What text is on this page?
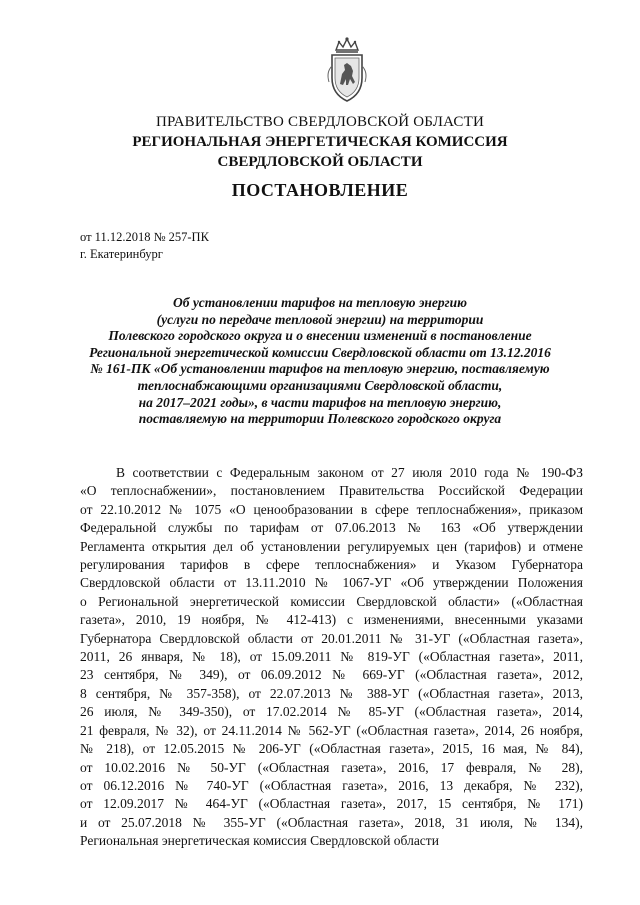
ПРАВИТЕЛЬСТВО СВЕРДЛОВСКОЙ ОБЛАСТИ
РЕГИОНАЛЬНАЯ ЭНЕРГЕТИЧЕСКАЯ КОМИССИЯ
СВЕРДЛОВСКОЙ ОБЛАСТИ
ПОСТАНОВЛЕНИЕ
от 11.12.2018 № 257-ПК
г. Екатеринбург
Об установлении тарифов на тепловую энергию
(услуги по передаче тепловой энергии) на территории
Полевского городского округа и о внесении изменений в постановление
Региональной энергетической комиссии Свердловской области от 13.12.2016
№ 161-ПК «Об установлении тарифов на тепловую энергию, поставляемую
теплоснабжающими организациями Свердловской области,
на 2017–2021 годы», в части тарифов на тепловую энергию,
поставляемую на территории Полевского городского округа
В соответствии с Федеральным законом от 27 июля 2010 года № 190-ФЗ
«О теплоснабжении», постановлением Правительства Российской Федерации
от 22.10.2012 № 1075 «О ценообразовании в сфере теплоснабжения», приказом
Федеральной службы по тарифам от 07.06.2013 № 163 «Об утверждении
Регламента открытия дел об установлении регулируемых цен (тарифов) и отмене
регулирования тарифов в сфере теплоснабжения» и Указом Губернатора
Свердловской области от 13.11.2010 № 1067-УГ «Об утверждении Положения
о Региональной энергетической комиссии Свердловской области» («Областная
газета», 2010, 19 ноября, № 412-413) с изменениями, внесенными указами
Губернатора Свердловской области от 20.01.2011 № 31-УГ («Областная газета»,
2011, 26 января, № 18), от 15.09.2011 № 819-УГ («Областная газета», 2011,
23 сентября, № 349), от 06.09.2012 № 669-УГ («Областная газета», 2012,
8 сентября, № 357-358), от 22.07.2013 № 388-УГ («Областная газета», 2013,
26 июля, № 349-350), от 17.02.2014 № 85-УГ («Областная газета», 2014,
21 февраля, № 32), от 24.11.2014 № 562-УГ («Областная газета», 2014, 26 ноября,
№ 218), от 12.05.2015 № 206-УГ («Областная газета», 2015, 16 мая, № 84),
от 10.02.2016 № 50-УГ («Областная газета», 2016, 17 февраля, № 28),
от 06.12.2016 № 740-УГ («Областная газета», 2016, 13 декабря, № 232),
от 12.09.2017 № 464-УГ («Областная газета», 2017, 15 сентября, № 171)
и от 25.07.2018 № 355-УГ («Областная газета», 2018, 31 июля, № 134),
Региональная энергетическая комиссия Свердловской области
